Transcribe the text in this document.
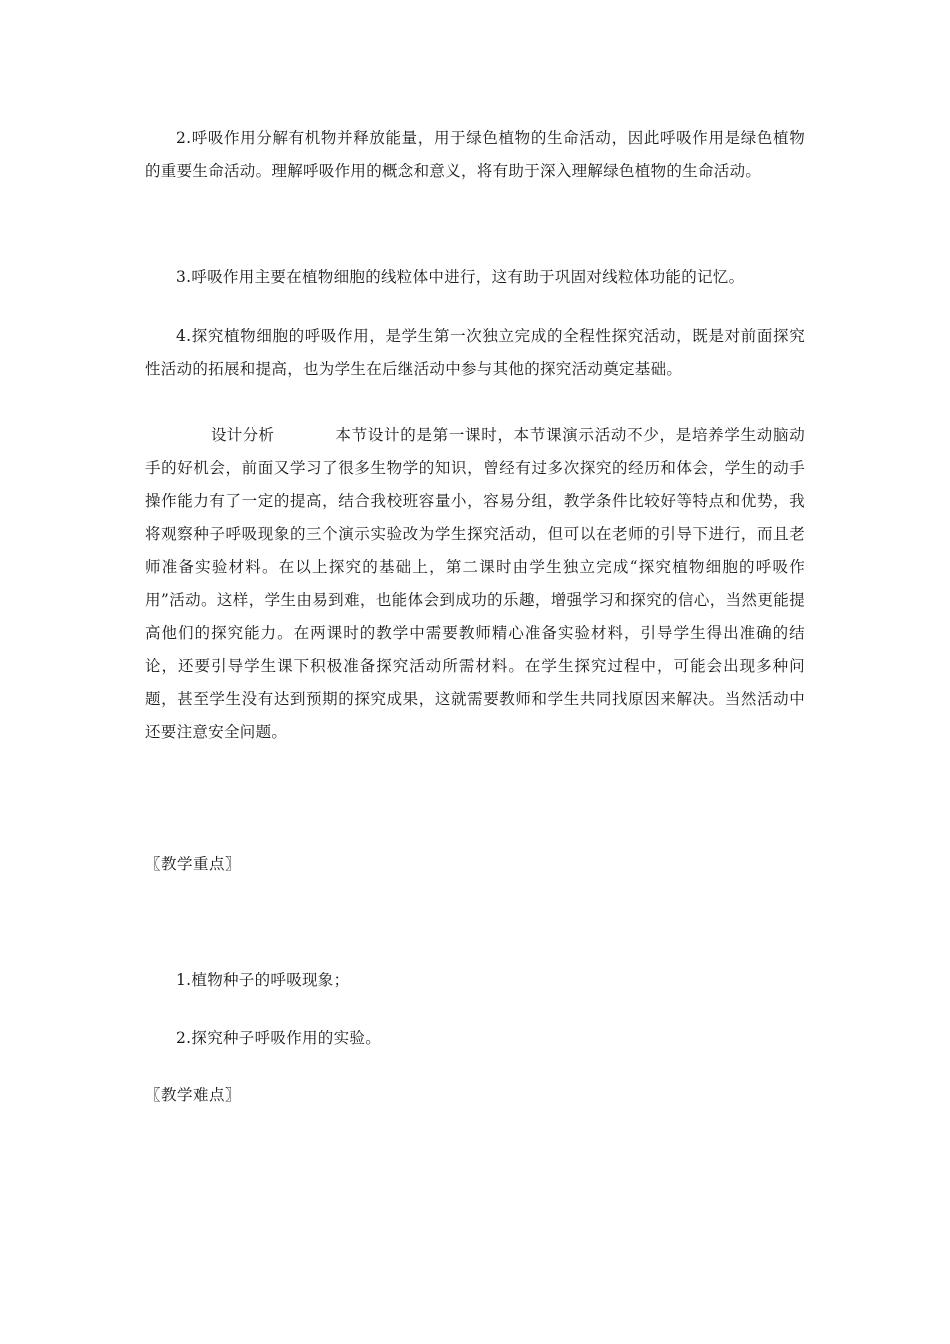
2.呼吸作用分解有机物并释放能量，用于绿色植物的生命活动，因此呼吸作用是绿色植物的重要生命活动。理解呼吸作用的概念和意义，将有助于深入理解绿色植物的生命活动。

3.呼吸作用主要在植物细胞的线粒体中进行，这有助于巩固对线粒体功能的记忆。

4.探究植物细胞的呼吸作用，是学生第一次独立完成的全程性探究活动，既是对前面探究性活动的拓展和提高，也为学生在后继活动中参与其他的探究活动奠定基础。

设计分析	本节设计的是第一课时，本节课演示活动不少，是培养学生动脑动手的好机会，前面又学习了很多生物学的知识，曾经有过多次探究的经历和体会，学生的动手操作能力有了一定的提高，结合我校班容量小，容易分组，教学条件比较好等特点和优势，我将观察种子呼吸现象的三个演示实验改为学生探究活动，但可以在老师的引导下进行，而且老师准备实验材料。在以上探究的基础上，第二课时由学生独立完成“探究植物细胞的呼吸作用”活动。这样，学生由易到难，也能体会到成功的乐趣，增强学习和探究的信心，当然更能提高他们的探究能力。在两课时的教学中需要教师精心准备实验材料，引导学生得出准确的结论，还要引导学生课下积极准备探究活动所需材料。在学生探究过程中，可能会出现多种问题，甚至学生没有达到预期的探究成果，这就需要教师和学生共同找原因来解决。当然活动中还要注意安全问题。

〖教学重点〗

1.植物种子的呼吸现象；

2.探究种子呼吸作用的实验。

〖教学难点〗
